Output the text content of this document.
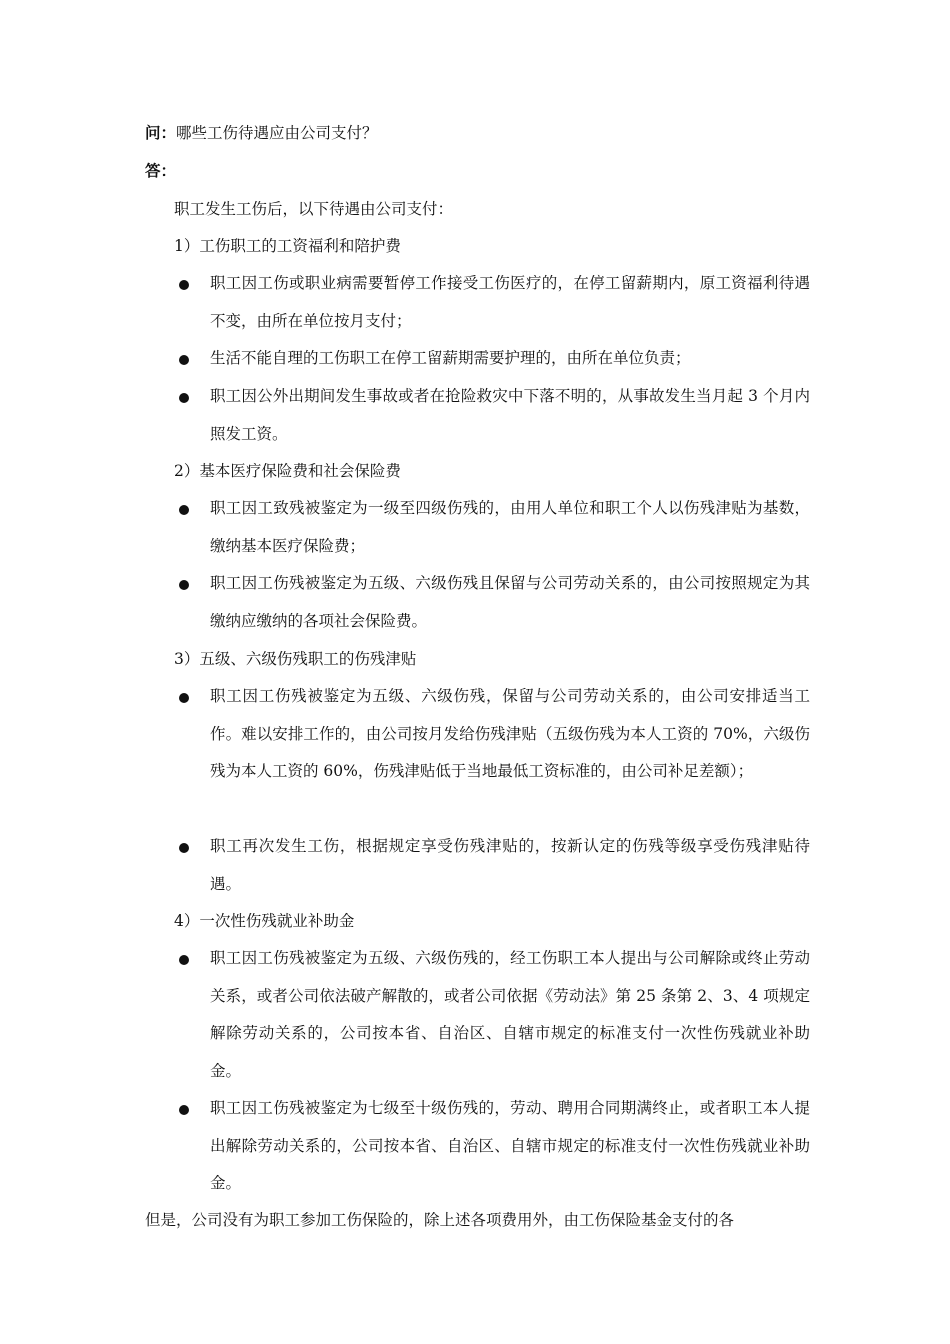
问：哪些工伤待遇应由公司支付？
答：
职工发生工伤后，以下待遇由公司支付：
1）工伤职工的工资福利和陪护费
职工因工伤或职业病需要暂停工作接受工伤医疗的，在停工留薪期内，原工资福利待遇不变，由所在单位按月支付；
生活不能自理的工伤职工在停工留薪期需要护理的，由所在单位负责；
职工因公外出期间发生事故或者在抢险救灾中下落不明的，从事故发生当月起 3 个月内照发工资。
2）基本医疗保险费和社会保险费
职工因工致残被鉴定为一级至四级伤残的，由用人单位和职工个人以伤残津贴为基数，缴纳基本医疗保险费；
职工因工伤残被鉴定为五级、六级伤残且保留与公司劳动关系的，由公司按照规定为其缴纳应缴纳的各项社会保险费。
3）五级、六级伤残职工的伤残津贴
职工因工伤残被鉴定为五级、六级伤残，保留与公司劳动关系的，由公司安排适当工作。难以安排工作的，由公司按月发给伤残津贴（五级伤残为本人工资的 70%，六级伤残为本人工资的 60%，伤残津贴低于当地最低工资标准的，由公司补足差额）；
职工再次发生工伤，根据规定享受伤残津贴的，按新认定的伤残等级享受伤残津贴待遇。
4）一次性伤残就业补助金
职工因工伤残被鉴定为五级、六级伤残的，经工伤职工本人提出与公司解除或终止劳动关系，或者公司依法破产解散的，或者公司依据《劳动法》第 25 条第 2、3、4 项规定解除劳动关系的，公司按本省、自治区、自辖市规定的标准支付一次性伤残就业补助金。
职工因工伤残被鉴定为七级至十级伤残的，劳动、聘用合同期满终止，或者职工本人提出解除劳动关系的，公司按本省、自治区、自辖市规定的标准支付一次性伤残就业补助金。
但是，公司没有为职工参加工伤保险的，除上述各项费用外，由工伤保险基金支付的各
